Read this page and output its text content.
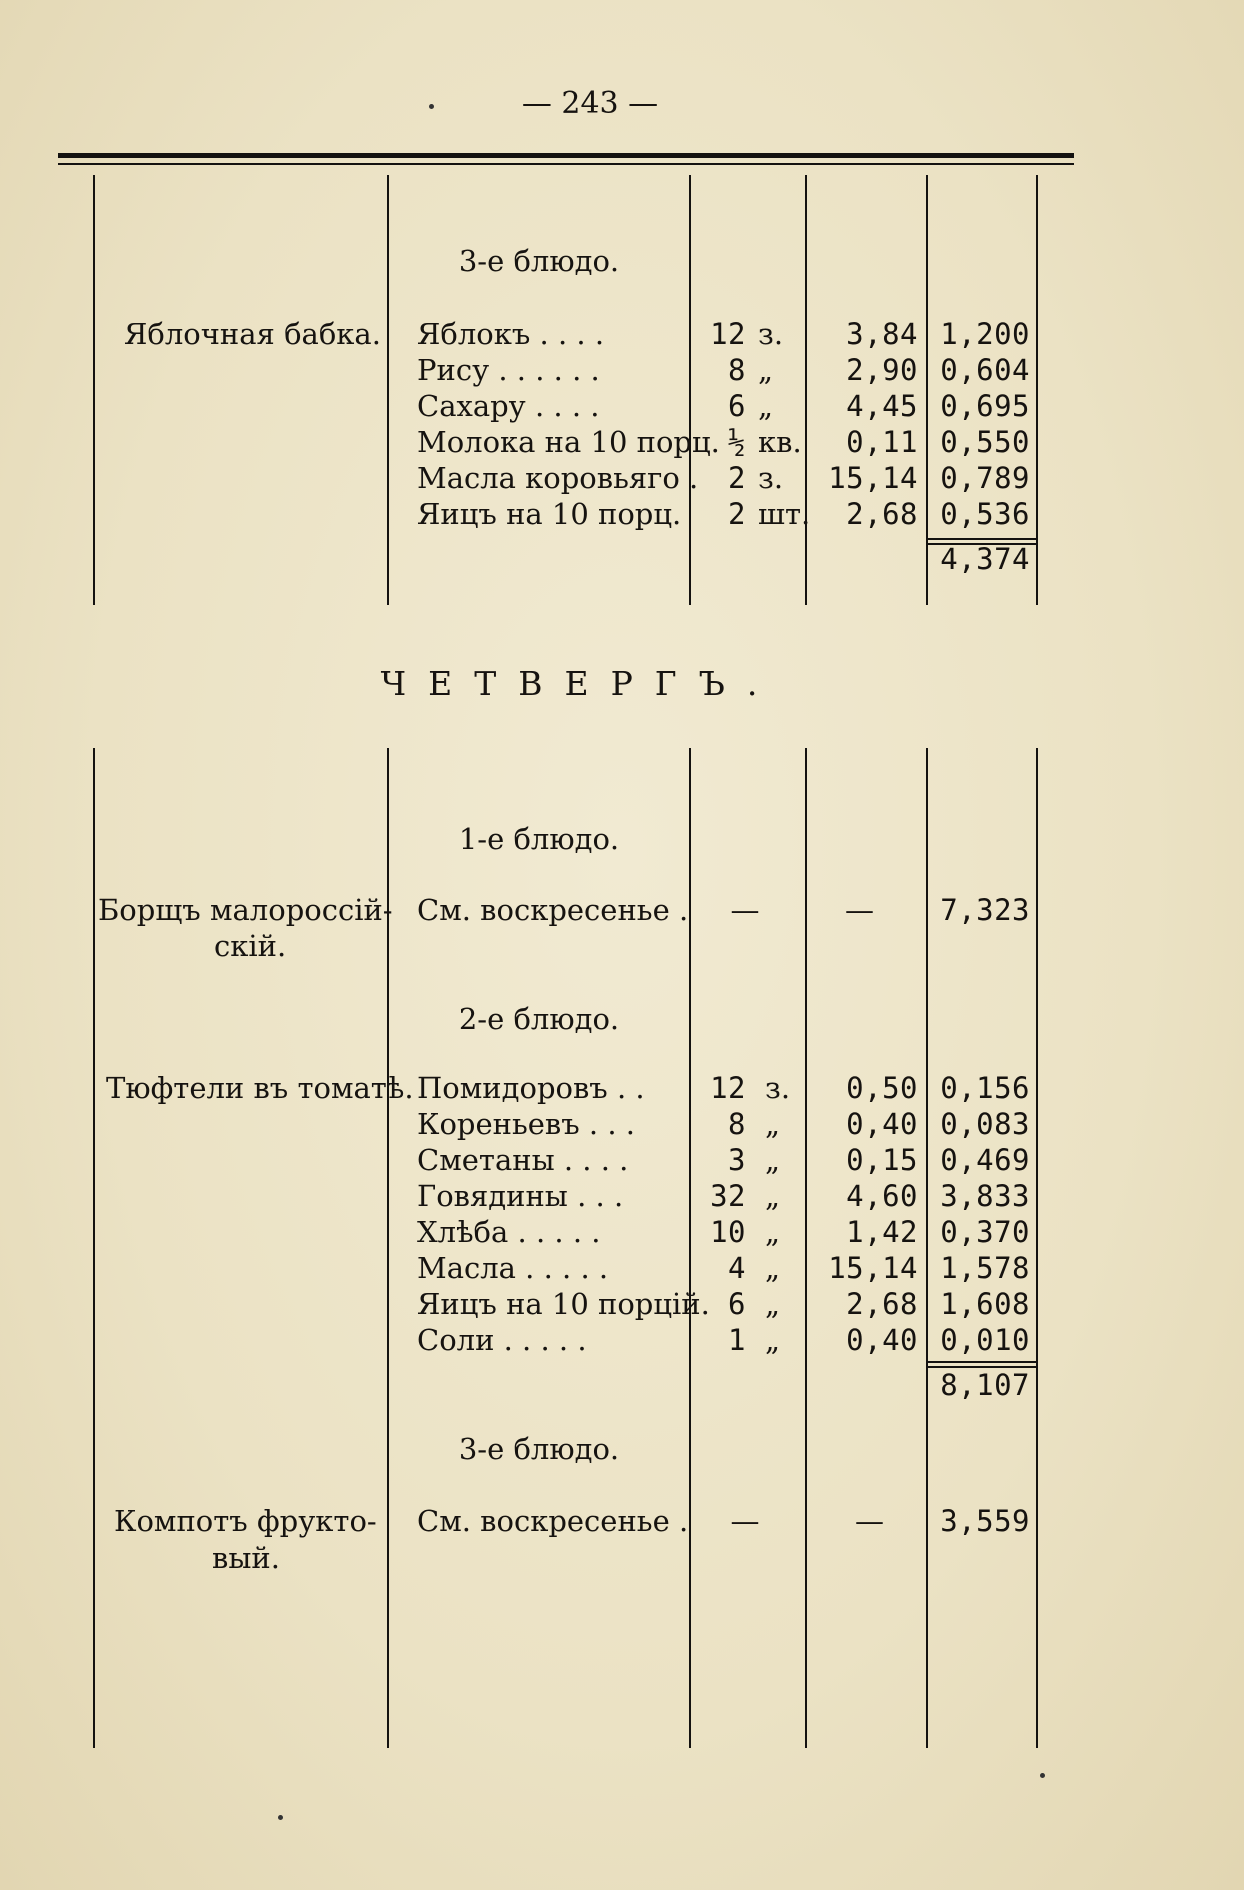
— 243 —
3-е блюдо.
Яблочная бабка. Яблокъ . . . .	12 з.	3,84 1,200
Рису . . . . . .	8 „	2,90 0,604
Сахару . . . .	6 „	4,45 0,695
Молока на 10 порц. ½ кв.	0,11 0,550
Масла коровьяго .	2 з.	15,14 0,789
Яицъ на 10 порц.	2 шт.	2,68 0,536
4,374
ЧЕТВЕРГЪ.
1-е блюдо.
Борщъ малороссій-
скій.
См. воскресенье .	—	—	7,323
2-е блюдо.
Тюфтели въ томатѣ. Помидоровъ . .	12 з.	0,50 0,156
Кореньевъ . . .	8 „	0,40 0,083
Сметаны . . . .	3 „	0,15 0,469
Говядины . . .	32 „	4,60 3,833
Хлѣба . . . . .	10 „	1,42 0,370
Масла . . . . .	4 „	15,14 1,578
Яицъ на 10 порцій. 6 „	2,68 1,608
Соли . . . . .	1 „	0,40 0,010
8,107
3-е блюдо.
Компотъ фрукто-
вый.
См. воскресенье .	—	—	3,559
